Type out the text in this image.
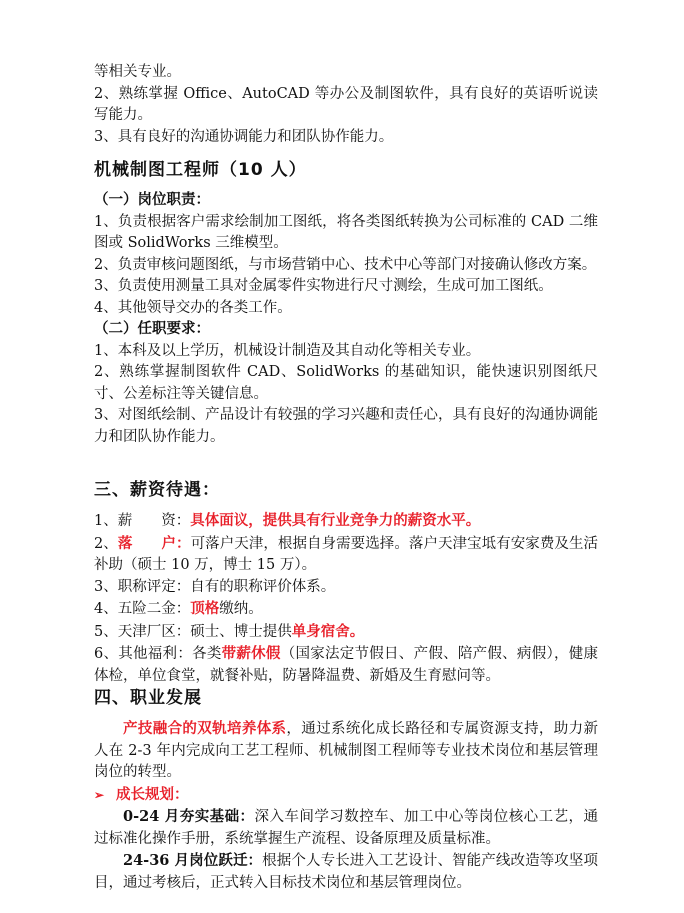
等相关专业。

2、熟练掌握 Office、AutoCAD 等办公及制图软件，具有良好的英语听说读写能力。

3、具有良好的沟通协调能力和团队协作能力。

机械制图工程师（10 人）

（一）岗位职责：

1、负责根据客户需求绘制加工图纸，将各类图纸转换为公司标准的 CAD 二维图或 SolidWorks 三维模型。

2、负责审核问题图纸，与市场营销中心、技术中心等部门对接确认修改方案。

3、负责使用测量工具对金属零件实物进行尺寸测绘，生成可加工图纸。

4、其他领导交办的各类工作。

（二）任职要求：

1、本科及以上学历，机械设计制造及其自动化等相关专业。

2、熟练掌握制图软件 CAD、SolidWorks 的基础知识，能快速识别图纸尺寸、公差标注等关键信息。

3、对图纸绘制、产品设计有较强的学习兴趣和责任心，具有良好的沟通协调能力和团队协作能力。

三、薪资待遇：

1、薪　　资：具体面议，提供具有行业竞争力的薪资水平。

2、落　　户：可落户天津，根据自身需要选择。落户天津宝坻有安家费及生活补助（硕士 10 万，博士 15 万）。

3、职称评定：自有的职称评价体系。

4、五险二金：顶格缴纳。

5、天津厂区：硕士、博士提供单身宿舍。

6、其他福利：各类带薪休假（国家法定节假日、产假、陪产假、病假），健康体检，单位食堂，就餐补贴，防暑降温费、新婚及生育慰问等。

四、职业发展

产技融合的双轨培养体系，通过系统化成长路径和专属资源支持，助力新人在 2-3 年内完成向工艺工程师、机械制图工程师等专业技术岗位和基层管理岗位的转型。

➢ 成长规划：

0-24 月夯实基础：深入车间学习数控车、加工中心等岗位核心工艺，通过标准化操作手册，系统掌握生产流程、设备原理及质量标准。

24-36 月岗位跃迁：根据个人专长进入工艺设计、智能产线改造等攻坚项目，通过考核后，正式转入目标技术岗位和基层管理岗位。
